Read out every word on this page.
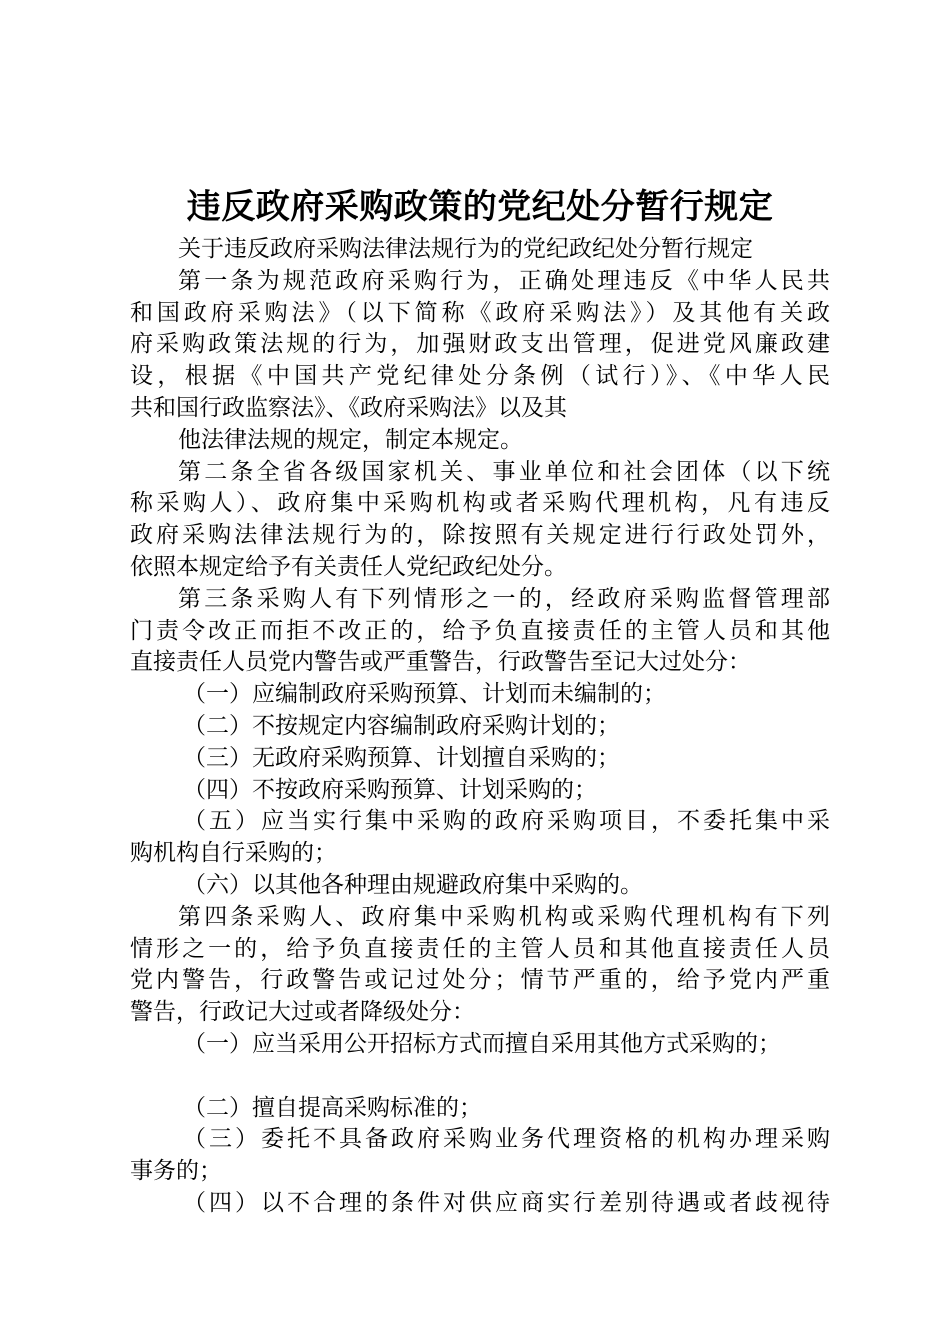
违反政府采购政策的党纪处分暂行规定
关于违反政府采购法律法规行为的党纪政纪处分暂行规定
第一条为规范政府采购行为，正确处理违反《中华人民共
和国政府采购法》（以下简称《政府采购法》）及其他有关政
府采购政策法规的行为，加强财政支出管理，促进党风廉政建
设，根据《中国共产党纪律处分条例（试行）》、《中华人民
共和国行政监察法》、《政府采购法》以及其
他法律法规的规定，制定本规定。
第二条全省各级国家机关、事业单位和社会团体（以下统
称采购人）、政府集中采购机构或者采购代理机构，凡有违反
政府采购法律法规行为的，除按照有关规定进行行政处罚外，
依照本规定给予有关责任人党纪政纪处分。
第三条采购人有下列情形之一的，经政府采购监督管理部
门责令改正而拒不改正的，给予负直接责任的主管人员和其他
直接责任人员党内警告或严重警告，行政警告至记大过处分：
（一）应编制政府采购预算、计划而未编制的；
（二）不按规定内容编制政府采购计划的；
（三）无政府采购预算、计划擅自采购的；
（四）不按政府采购预算、计划采购的；
（五）应当实行集中采购的政府采购项目，不委托集中采
购机构自行采购的；
（六）以其他各种理由规避政府集中采购的。
第四条采购人、政府集中采购机构或采购代理机构有下列
情形之一的，给予负直接责任的主管人员和其他直接责任人员
党内警告，行政警告或记过处分；情节严重的，给予党内严重
警告，行政记大过或者降级处分：
（一）应当采用公开招标方式而擅自采用其他方式采购的；
（二）擅自提高采购标准的；
（三）委托不具备政府采购业务代理资格的机构办理采购
事务的；
（四）以不合理的条件对供应商实行差别待遇或者歧视待
